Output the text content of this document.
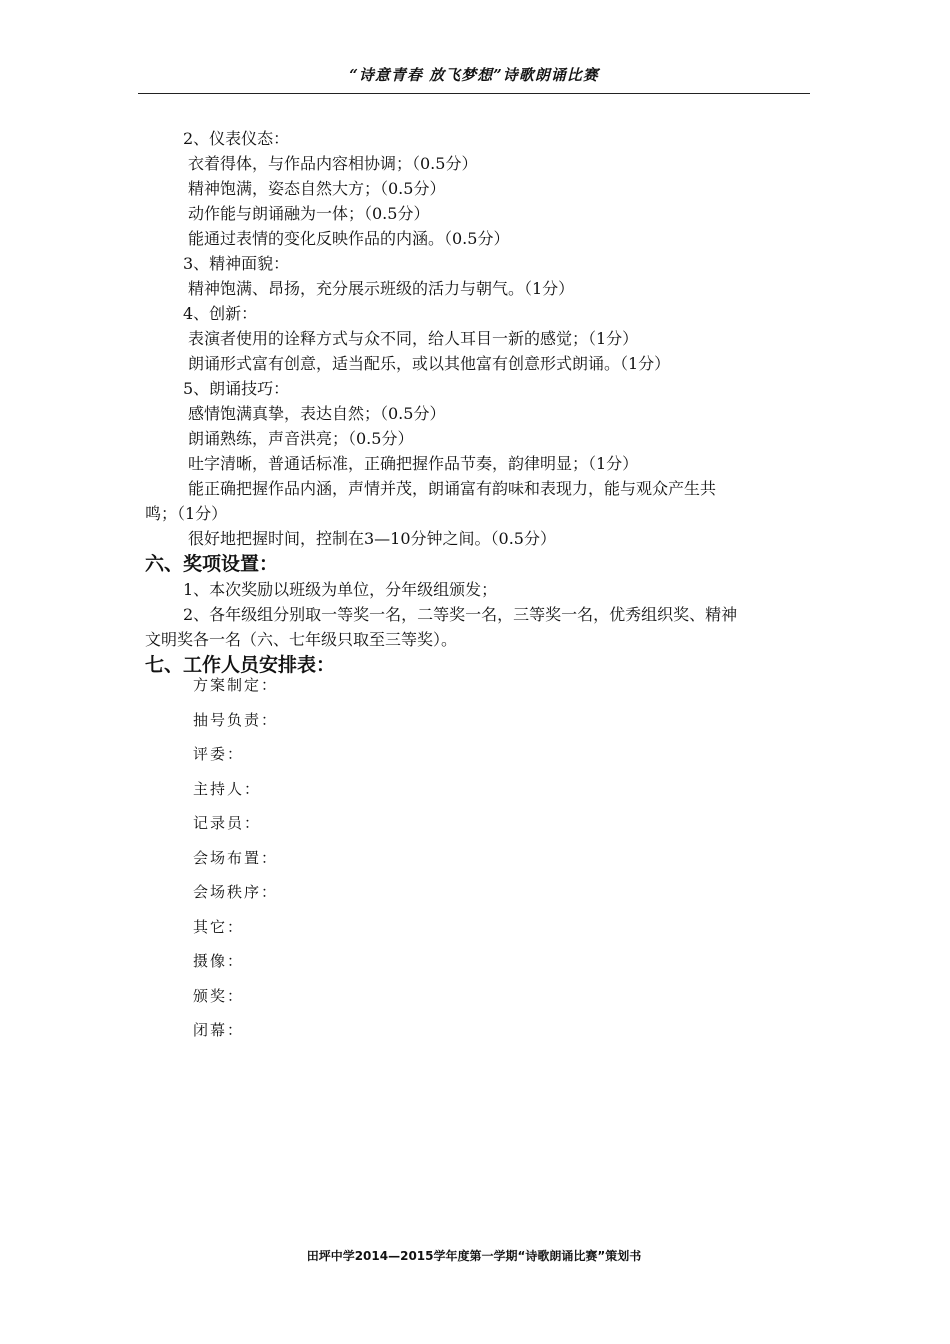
“诗意青春 放飞梦想”诗歌朗诵比赛
2、仪表仪态：
衣着得体，与作品内容相协调；（0.5分）
精神饱满，姿态自然大方；（0.5分）
动作能与朗诵融为一体；（0.5分）
能通过表情的变化反映作品的内涵。（0.5分）
3、精神面貌：
精神饱满、昂扬，充分展示班级的活力与朝气。（1分）
4、创新：
表演者使用的诠释方式与众不同，给人耳目一新的感觉；（1分）
朗诵形式富有创意，适当配乐，或以其他富有创意形式朗诵。（1分）
5、朗诵技巧：
感情饱满真挚，表达自然；（0.5分）
朗诵熟练，声音洪亮；（0.5分）
吐字清晰，普通话标准，正确把握作品节奏，韵律明显；（1分）
能正确把握作品内涵，声情并茂，朗诵富有韵味和表现力，能与观众产生共
鸣；（1分）
很好地把握时间，控制在3—10分钟之间。（0.5分）
六、奖项设置：
1、本次奖励以班级为单位，分年级组颁发；
2、各年级组分别取一等奖一名，二等奖一名，三等奖一名，优秀组织奖、精神
文明奖各一名（六、七年级只取至三等奖）。
七、工作人员安排表：
方案制定：
抽号负责：
评委：
主持人：
记录员：
会场布置：
会场秩序：
其它：
摄像：
颁奖：
闭幕：
田坪中学2014—2015学年度第一学期“诗歌朗诵比赛”策划书
